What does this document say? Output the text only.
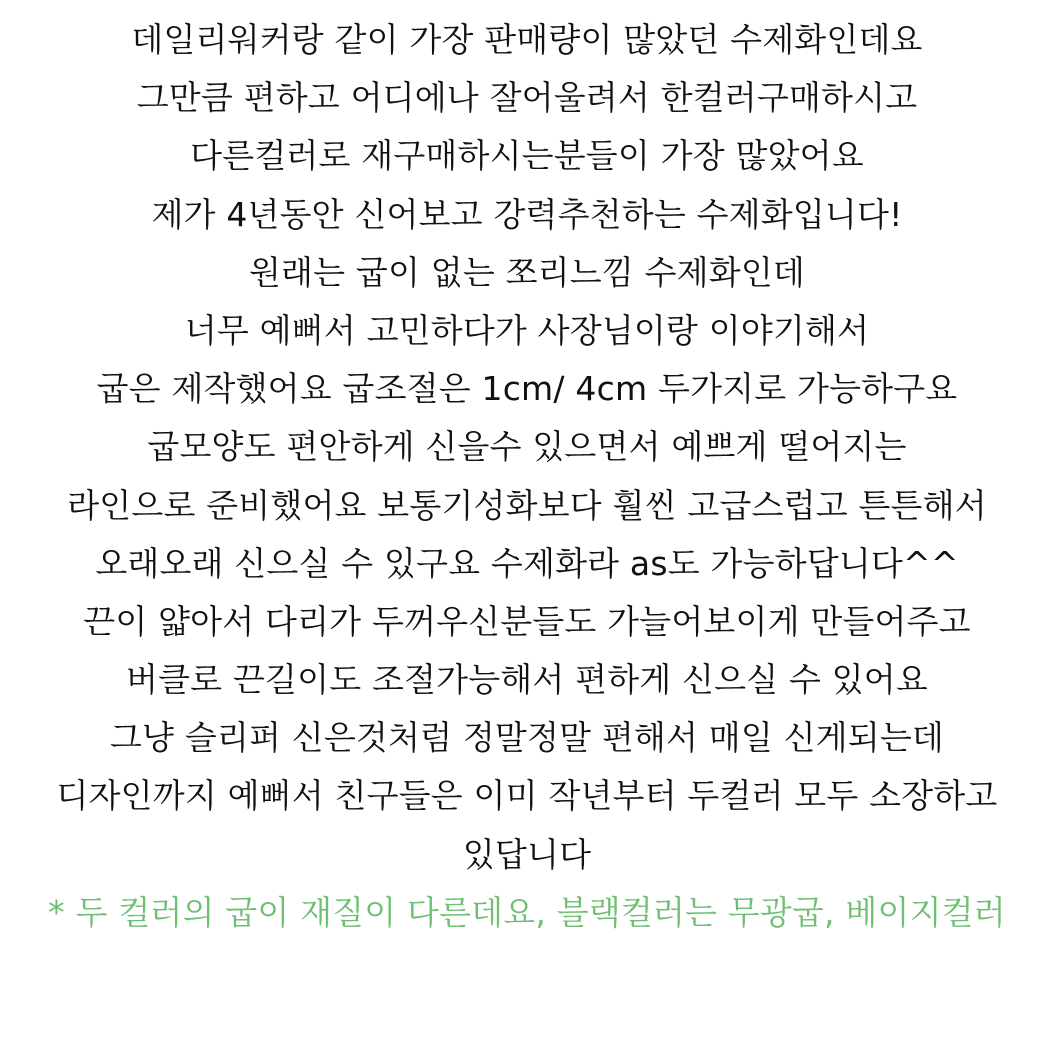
데일리워커랑 같이 가장 판매량이 많았던 수제화인데요
그만큼 편하고 어디에나 잘어울려서 한컬러구매하시고
다른컬러로 재구매하시는분들이 가장 많았어요
제가 4년동안 신어보고 강력추천하는 수제화입니다!
원래는 굽이 없는 쪼리느낌 수제화인데
너무 예뻐서 고민하다가 사장님이랑 이야기해서
굽은 제작했어요 굽조절은 1cm/ 4cm 두가지로 가능하구요
굽모양도 편안하게 신을수 있으면서 예쁘게 떨어지는
라인으로 준비했어요 보통기성화보다 훨씬 고급스럽고 튼튼해서
오래오래 신으실 수 있구요 수제화라 as도 가능하답니다^^
끈이 얇아서 다리가 두꺼우신분들도 가늘어보이게 만들어주고
버클로 끈길이도 조절가능해서 편하게 신으실 수 있어요
그냥 슬리퍼 신은것처럼 정말정말 편해서 매일 신게되는데
디자인까지 예뻐서 친구들은 이미 작년부터 두컬러 모두 소장하고
있답니다
* 두 컬러의 굽이 재질이 다른데요, 블랙컬러는 무광굽, 베이지컬러
